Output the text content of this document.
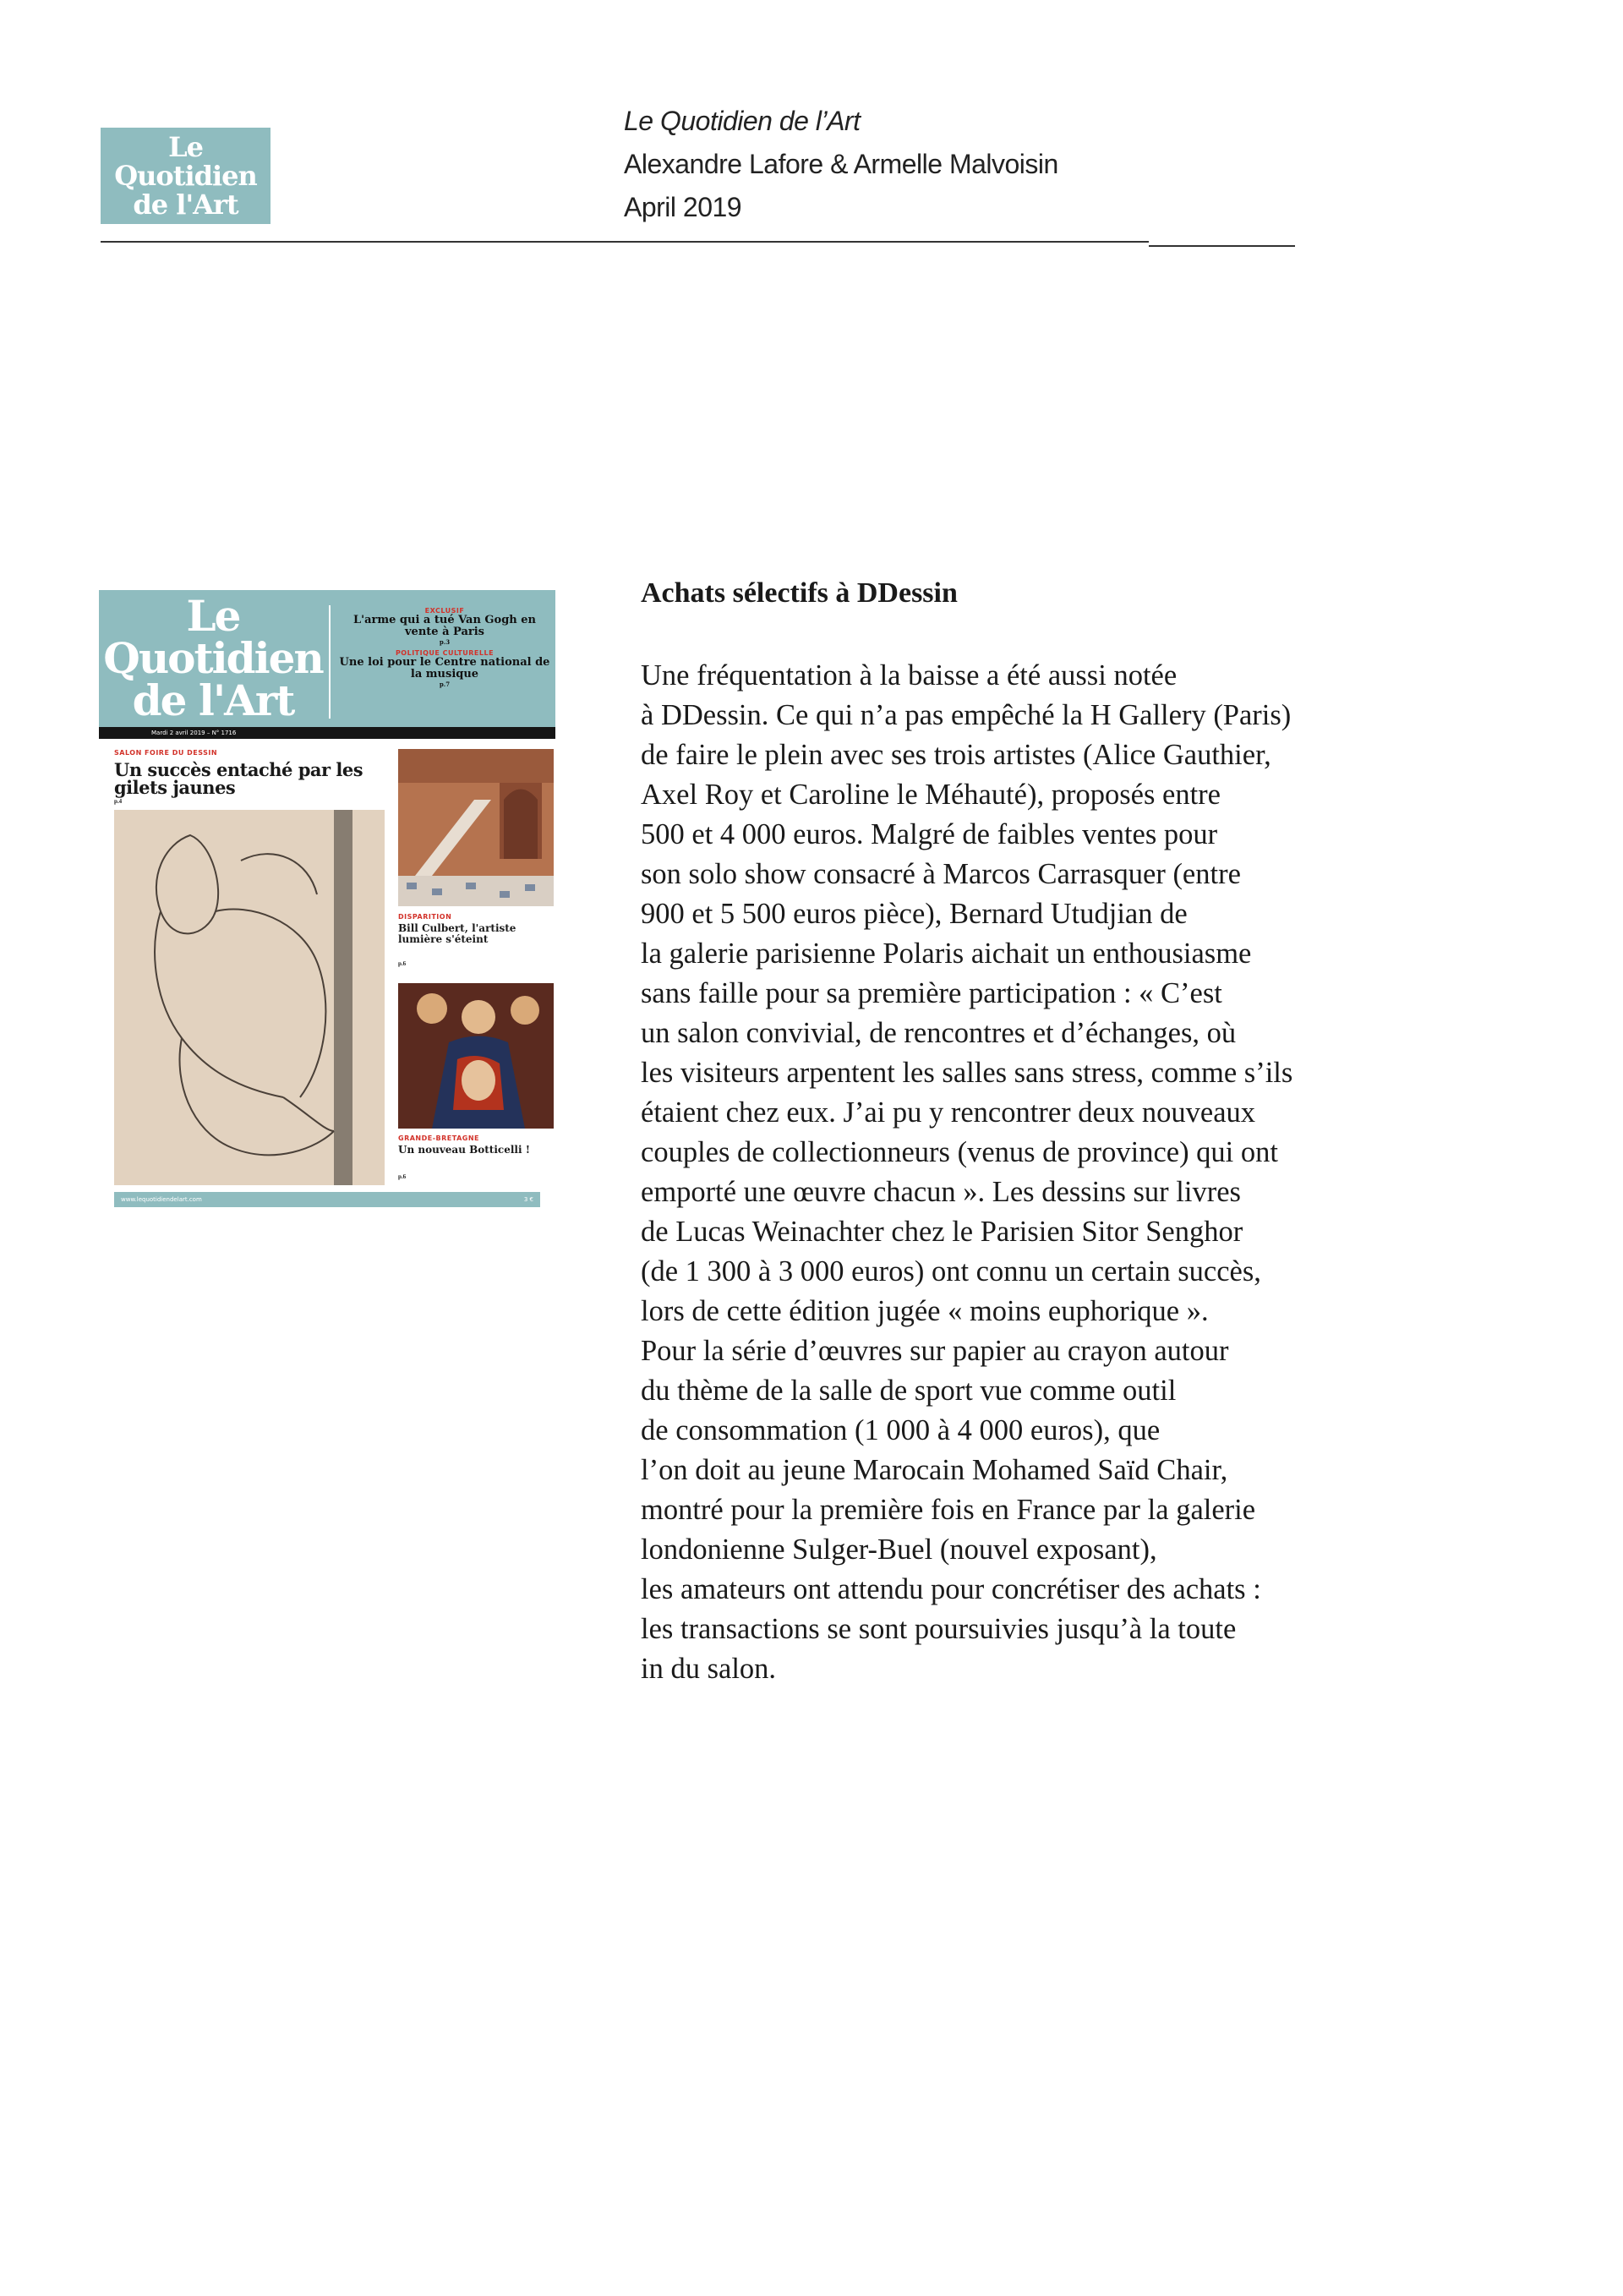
Le
Quotidien
de l'Art
Le Quotidien de l’Art
Alexandre Lafore & Armelle Malvoisin
April 2019
Le
Quotidien
de l'Art
EXCLUSIF
L'arme qui a tué Van Gogh en vente à Paris
p.3
POLITIQUE CULTURELLE
Une loi pour le Centre national de la musique
p.7
Mardi 2 avril 2019 – N° 1716
SALON FOIRE DU DESSIN
Un succès entaché par les gilets jaunes
p.4
DISPARITION
Bill Culbert, l'artiste lumière s'éteint
p.6
GRANDE-BRETAGNE
Un nouveau Botticelli !
p.6
www.lequotidiendelart.com	3 €
Achats sélectifs à DDessin
Une fréquentation à la baisse a été aussi notée
à DDessin. Ce qui n’a pas empêché la H Gallery (Paris)
de faire le plein avec ses trois artistes (Alice Gauthier,
Axel Roy et Caroline le Méhauté), proposés entre
500 et 4 000 euros. Malgré de faibles ventes pour
son solo show consacré à Marcos Carrasquer (entre
900 et 5 500 euros pièce), Bernard Utudjian de
la galerie parisienne Polaris aichait un enthousiasme
sans faille pour sa première participation : « C’est
un salon convivial, de rencontres et d’échanges, où
les visiteurs arpentent les salles sans stress, comme s’ils
étaient chez eux. J’ai pu y rencontrer deux nouveaux
couples de collectionneurs (venus de province) qui ont
emporté une œuvre chacun ». Les dessins sur livres
de Lucas Weinachter chez le Parisien Sitor Senghor
(de 1 300 à 3 000 euros) ont connu un certain succès,
lors de cette édition jugée « moins euphorique ».
Pour la série d’œuvres sur papier au crayon autour
du thème de la salle de sport vue comme outil
de consommation (1 000 à 4 000 euros), que
l’on doit au jeune Marocain Mohamed Saïd Chair,
montré pour la première fois en France par la galerie
londonienne Sulger-Buel (nouvel exposant),
les amateurs ont attendu pour concrétiser des achats :
les transactions se sont poursuivies jusqu’à la toute
in du salon.
